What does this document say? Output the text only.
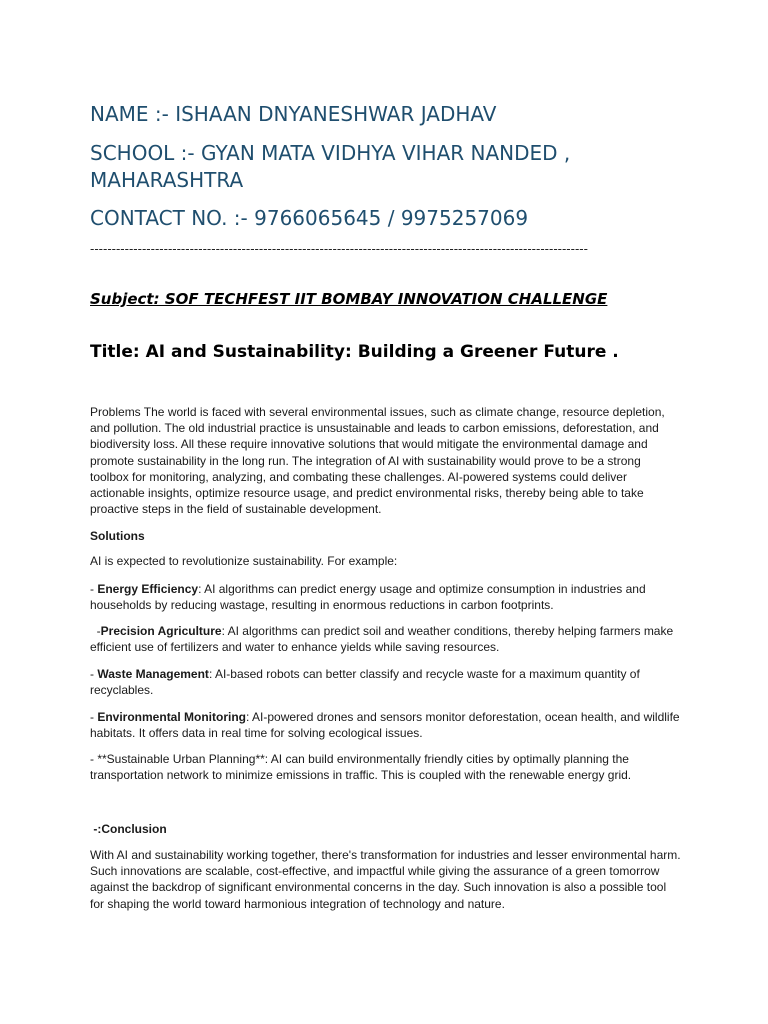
NAME :- ISHAAN DNYANESHWAR JADHAV
SCHOOL :- GYAN MATA VIDHYA VIHAR NANDED ,
MAHARASHTRA
CONTACT NO. :- 9766065645 / 9975257069
-------------------------------------------------------------------------------------------------------------------
Subject: SOF TECHFEST IIT BOMBAY INNOVATION CHALLENGE
Title: AI and Sustainability: Building a Greener Future .

Problems The world is faced with several environmental issues, such as climate change, resource depletion, and pollution. The old industrial practice is unsustainable and leads to carbon emissions, deforestation, and biodiversity loss. All these require innovative solutions that would mitigate the environmental damage and promote sustainability in the long run. The integration of AI with sustainability would prove to be a strong toolbox for monitoring, analyzing, and combating these challenges. AI-powered systems could deliver actionable insights, optimize resource usage, and predict environmental risks, thereby being able to take proactive steps in the field of sustainable development.

Solutions

AI is expected to revolutionize sustainability. For example:

- Energy Efficiency: AI algorithms can predict energy usage and optimize consumption in industries and households by reducing wastage, resulting in enormous reductions in carbon footprints.

-Precision Agriculture: AI algorithms can predict soil and weather conditions, thereby helping farmers make efficient use of fertilizers and water to enhance yields while saving resources.

- Waste Management: AI-based robots can better classify and recycle waste for a maximum quantity of recyclables.

- Environmental Monitoring: AI-powered drones and sensors monitor deforestation, ocean health, and wildlife habitats. It offers data in real time for solving ecological issues.

- **Sustainable Urban Planning**: AI can build environmentally friendly cities by optimally planning the transportation network to minimize emissions in traffic. This is coupled with the renewable energy grid.

-:Conclusion

With AI and sustainability working together, there's transformation for industries and lesser environmental harm. Such innovations are scalable, cost-effective, and impactful while giving the assurance of a green tomorrow against the backdrop of significant environmental concerns in the day. Such innovation is also a possible tool for shaping the world toward harmonious integration of technology and nature.
